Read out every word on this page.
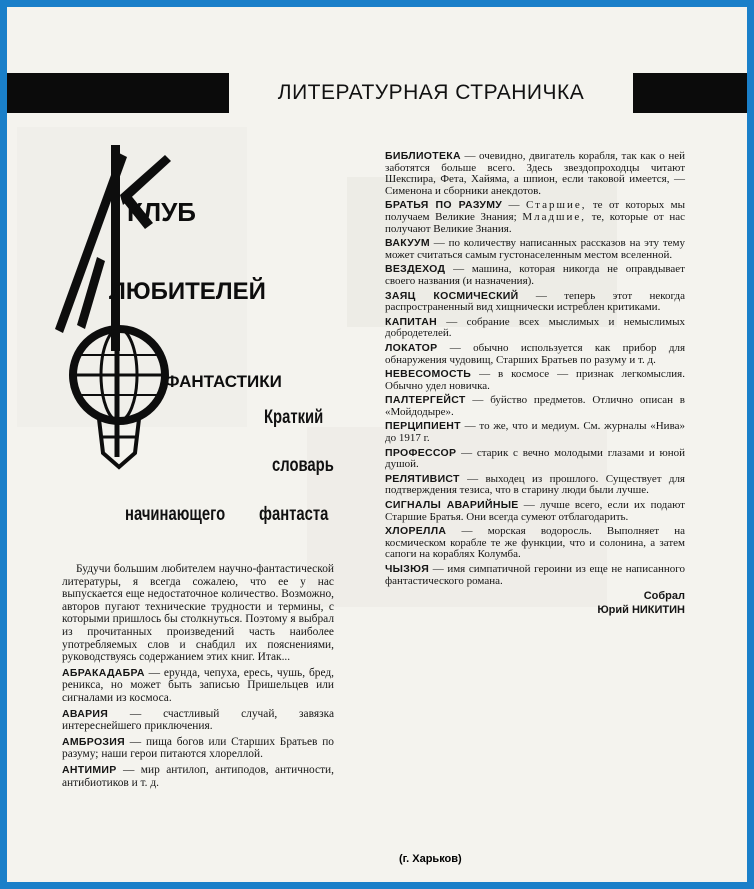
ЛИТЕРАТУРНАЯ СТРАНИЧКА
КЛУБ
ЛЮБИТЕЛЕЙ
ФАНТАСТИКИ
Краткий
словарь
начинающего фантаста

Будучи большим любителем научно-фантастической литературы, я всегда сожалею, что ее у нас выпускается еще недостаточное количество. Возможно, авторов пугают технические трудности и термины, с которыми пришлось бы столкнуться. Поэтому я выбрал из прочитанных произведений часть наиболее употребляемых слов и снабдил их пояснениями, руководствуясь содержанием этих книг. Итак...

АБРАКАДАБРА — ерунда, чепуха, ересь, чушь, бред, реникса, но может быть записью Пришельцев или сигналами из космоса.

АВАРИЯ — счастливый случай, завязка интереснейшего приключения.

АМБРОЗИЯ — пища богов или Старших Братьев по разуму; наши герои питаются хлореллой.

АНТИМИР — мир антилоп, антиподов, античности, антибиотиков и т. д.

БИБЛИОТЕКА — очевидно, двигатель корабля, так как о ней заботятся больше всего. Здесь звездопроходцы читают Шекспира, Фета, Хайяма, а шпион, если таковой имеется, — Сименона и сборники анекдотов.

БРАТЬЯ ПО РАЗУМУ — Старшие, те от которых мы получаем Великие Знания; Младшие, те, которые от нас получают Великие Знания.

ВАКУУМ — по количеству написанных рассказов на эту тему может считаться самым густонаселенным местом вселенной.

ВЕЗДЕХОД — машина, которая никогда не оправдывает своего названия (и назначения).

ЗАЯЦ КОСМИЧЕСКИЙ — теперь этот некогда распространенный вид хищнически истреблен критиками.

КАПИТАН — собрание всех мыслимых и немыслимых добродетелей.

ЛОКАТОР — обычно используется как прибор для обнаружения чудовищ, Старших Братьев по разуму и т. д.

НЕВЕСОМОСТЬ — в космосе — признак легкомыслия. Обычно удел новичка.

ПАЛТЕРГЕЙСТ — буйство предметов. Отлично описан в «Мойдодыре».

ПЕРЦИПИЕНТ — то же, что и медиум. См. журналы «Нива» до 1917 г.

ПРОФЕССОР — старик с вечно молодыми глазами и юной душой.

РЕЛЯТИВИСТ — выходец из прошлого. Существует для подтверждения тезиса, что в старину люди были лучше.

СИГНАЛЫ АВАРИЙНЫЕ — лучше всего, если их подают Старшие Братья. Они всегда сумеют отблагодарить.

ХЛОРЕЛЛА — морская водоросль. Выполняет на космическом корабле те же функции, что и солонина, а затем сапоги на кораблях Колумба.

ЧЫЗЮЯ — имя симпатичной героини из еще не написанного фантастического романа.

Собрал
Юрий НИКИТИН
(г. Харьков)
